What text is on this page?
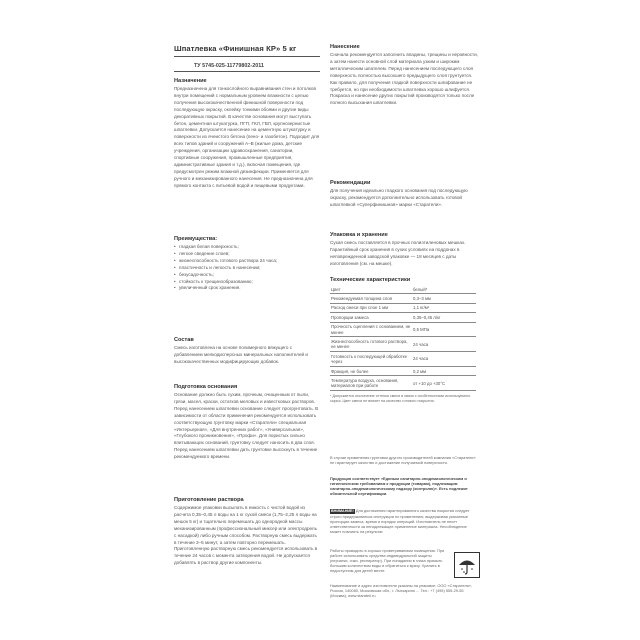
Шпатлевка «Финишная КР» 5 кг
ТУ 5745-025-11779802-2011

Назначение

Предназначена для тонкослойного выравнивания стен и потолков внутри помещений с нормальным уровнем влажности с целью получения высококачественной финишной поверхности под последующую окраску, оклейку тонкими обоями и другие виды декоративных покрытий. В качестве основания могут выступать бетон, цементная штукатурка, ПГП, ГКЛ, ГВЛ, крупнозернистые шпатлевки. Допускается нанесение на цементную штукатурку и поверхности из ячеистого бетона (пено- и газобетон). Подходит для всех типов зданий и сооружений А–В (жилые дома, детские учреждения, организации здравоохранения, санатории, спортивные сооружения, промышленные предприятия, административные здания и т.д.), включая помещения, где предусмотрен режим влажной дезинфекции. Применяется для ручного и механизированного нанесения. Не предназначена для прямого контакта с питьевой водой и пищевыми продуктами.

Преимущества:

• гладкая белая поверхность;
• легкое сведение слоев;
• жизнеспособность готового раствора 24 часа;
• пластичность и легкость в нанесении;
• безусадочность;
• стойкость к трещинообразованию;
• увеличенный срок хранения.

Состав

Смесь изготовлена на основе полимерного вяжущего с добавлением мелкодисперсных минеральных наполнителей и высококачественных модифицирующих добавок.

Подготовка основания

Основание должно быть сухим, прочным, очищенным от пыли, грязи, масел, краски, остатков меловых и известковых растворов. Перед нанесением шпатлевки основание следует прогрунтовать. В зависимости от области применения рекомендуется использовать соответствующую грунтовку марки «Старатели» специальная «Интерьерная», «Для внутренних работ», «Универсальная», «Глубокого проникновения», «Профи». Для пористых сильно впитывающих оснований, грунтовку следует наносить в два слоя. Перед нанесением шпатлевки дать грунтовке высохнуть в течение рекомендуемого времени.

Приготовление раствора

Содержимое упаковки высыпать в емкость с чистой водой из расчета 0,35–0,45 л воды на 1 кг сухой смеси (1,75–2,25 л воды на мешок 5 кг) и тщательно перемешать до однородной массы механизированным (профессиональный миксер или электродрель с насадкой) либо ручным способом. Растворную смесь выдержать в течение 3–5 минут, а затем повторно перемешать. Приготовленную растворную смесь рекомендуется использовать в течение 24 часов с момента затворения водой. Не допускается добавлять в раствор другие компоненты.

Нанесение

Сначала рекомендуется заполнить впадины, трещины и неровности, а затем нанести основной слой материала узким и широким металлическим шпателем. Перед нанесением последующего слоя поверхность полностью высохшего предыдущего слоя грунтуется. Как правило, для получения гладкой поверхности шлифование не требуется, но при необходимости шпатлевка хорошо шлифуется. Покраска и нанесение других покрытий производятся только после полного высыхания шпатлевки.

Рекомендации

Для получения идеально гладкого основания под последующую окраску, рекомендуется дополнительно использовать готовой шпатлевкой «Суперфинишная» марки «Старатели».

Упаковка и хранение

Сухая смесь поставляется в прочных полиэтиленовых мешках. Гарантийный срок хранения в сухих условиях на поддонах в неповрежденной заводской упаковке — 18 месяцев с даты изготовления (см. на мешке).

Технические характеристики

Цвет	белый*
Рекомендуемая толщина слоя	0,3–3 мм
Расход смеси при слое 1 мм	1,1 кг/м²
Пропорции замеса	0,35–0,45 л/кг
Прочность сцепления с основанием, не менее	0,5 МПа
Жизнеспособность готового раствора, не менее	24 часа
Готовность к последующей обработке через	24 часа
Фракция, не более	0,2 мм
Температура воздуха, основания, материалов при работе	от +10 до +30°С

* Допускается отклонение оттенка смеси в связи с особенностями используемого сырья. Цвет смеси не влияет на качество готового покрытия.

В случае применения грунтовки другого производителей компания «Старатели» не гарантирует качество и достижение получаемой поверхности.
Продукция соответствует «Единым санитарно-эпидемиологическим и гигиеническим требованиям к продукции (товарам), подлежащим санитарно-эпидемиологическому надзору (контролю)». Есть подлежит обязательной сертификации.
ВНИМАНИЕ! Для достижения гарантированного качества покрытия следует строго придерживаться инструкции по применению; выдерживая указанные пропорции замеса, время и порядок операций. Изготовитель не несет ответственности за ненадлежащее применение материала. Несоблюдение может повлиять на результат.
Работы проводить в хорошо проветриваемом помещении. При работе использовать средства индивидуальной защиты (перчатки, очки, респиратор). При попадании в глаза промыть большим количеством воды и обратиться к врачу. Хранить в недоступном для детей месте.
Наименование и адрес изготовителя указаны на упаковке: ООО «Старатели», Россия, 140080, Московская обл., г. Лыткарино ... Тел.: +7 (495) 555-29-55 (Москва), www.starateli.ru
